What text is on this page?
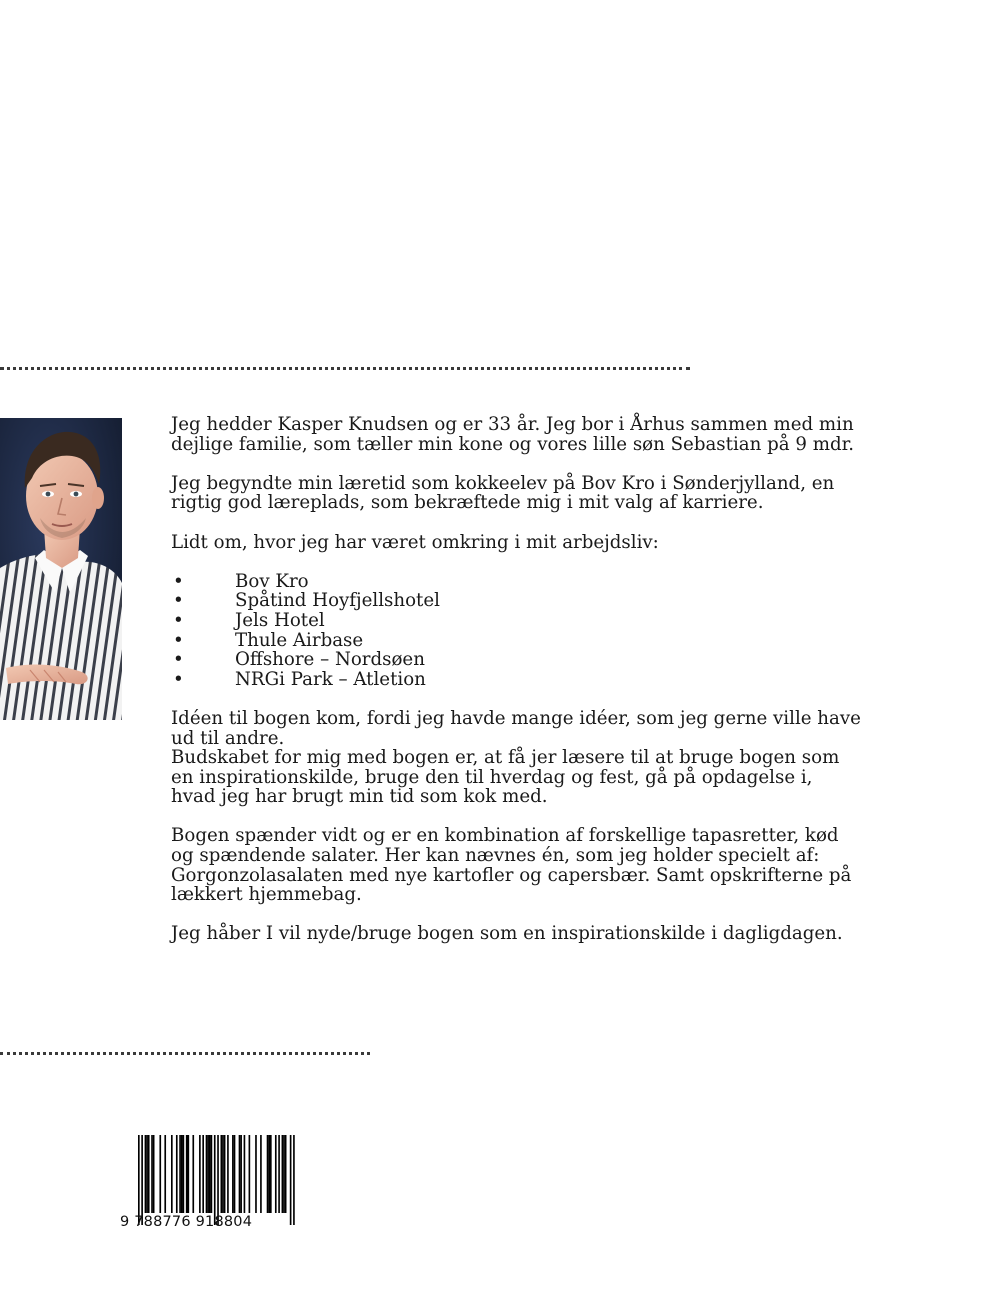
Jeg hedder Kasper Knudsen og er 33 år. Jeg bor i Århus sammen med min dejlige familie, som tæller min kone og vores lille søn Sebastian på 9 mdr.

Jeg begyndte min læretid som kokkeelev på Bov Kro i Sønderjylland, en rigtig god læreplads, som bekræftede mig i mit valg af karriere.

Lidt om, hvor jeg har været omkring i mit arbejdsliv:

•	Bov Kro
•	Spåtind Hoyfjellshotel
•	Jels Hotel
•	Thule Airbase
•	Offshore – Nordsøen
•	NRGi Park – Atletion

Idéen til bogen kom, fordi jeg havde mange idéer, som jeg gerne ville have ud til andre.

Budskabet for mig med bogen er, at få jer læsere til at bruge bogen som en inspirationskilde, bruge den til hverdag og fest, gå på opdagelse i, hvad jeg har brugt min tid som kok med.

Bogen spænder vidt og er en kombination af forskellige tapasretter, kød og spændende salater. Her kan nævnes én, som jeg holder specielt af: Gorgonzolasalaten med nye kartofler og capersbær. Samt opskrifterne på lækkert hjemmebag.

Jeg håber I vil nyde/bruge bogen som en inspirationskilde i dagligdagen.

9 788776 918804
